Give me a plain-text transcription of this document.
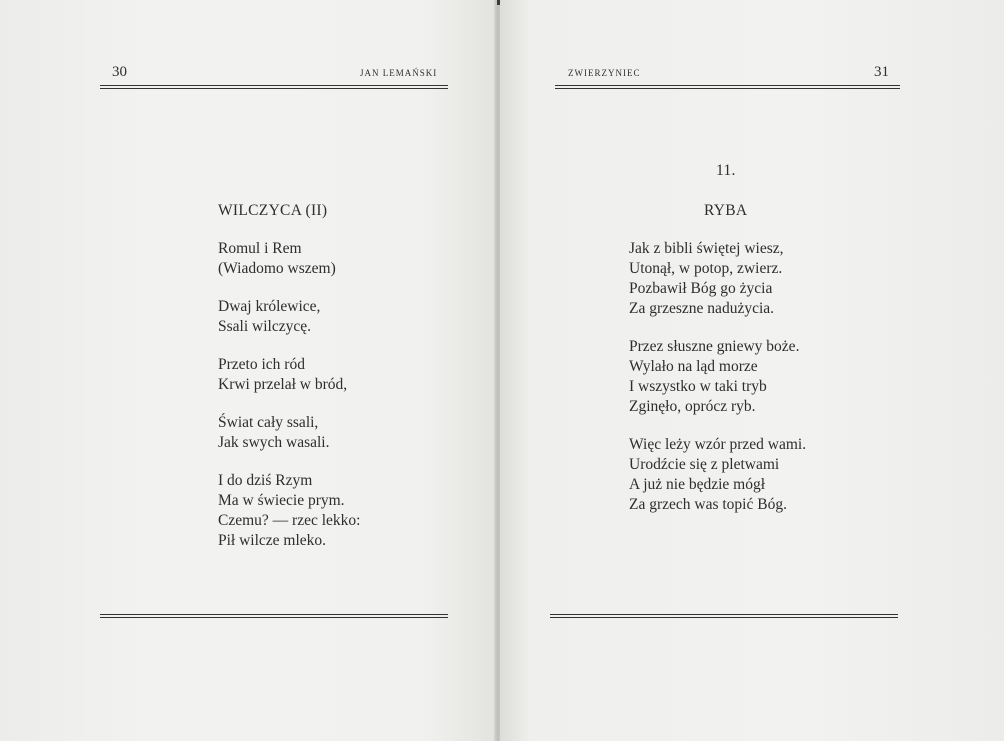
30	JAN LEMAŃSKI
WILCZYCA (II)
Romul i Rem
(Wiadomo wszem)
Dwaj królewice,
Ssali wilczycę.
Przeto ich ród
Krwi przelał w bród,
Świat cały ssali,
Jak swych wasali.
I do dziś Rzym
Ma w świecie prym.
Czemu? — rzec lekko:
Pił wilcze mleko.
ZWIERZYNIEC	31
11.
RYBA
Jak z bibli świętej wiesz,
Utonął, w potop, zwierz.
Pozbawił Bóg go życia
Za grzeszne nadużycia.
Przez słuszne gniewy boże.
Wylało na ląd morze
I wszystko w taki tryb
Zginęło, oprócz ryb.
Więc leży wzór przed wami.
Urodźcie się z pletwami
A już nie będzie mógł
Za grzech was topić Bóg.
